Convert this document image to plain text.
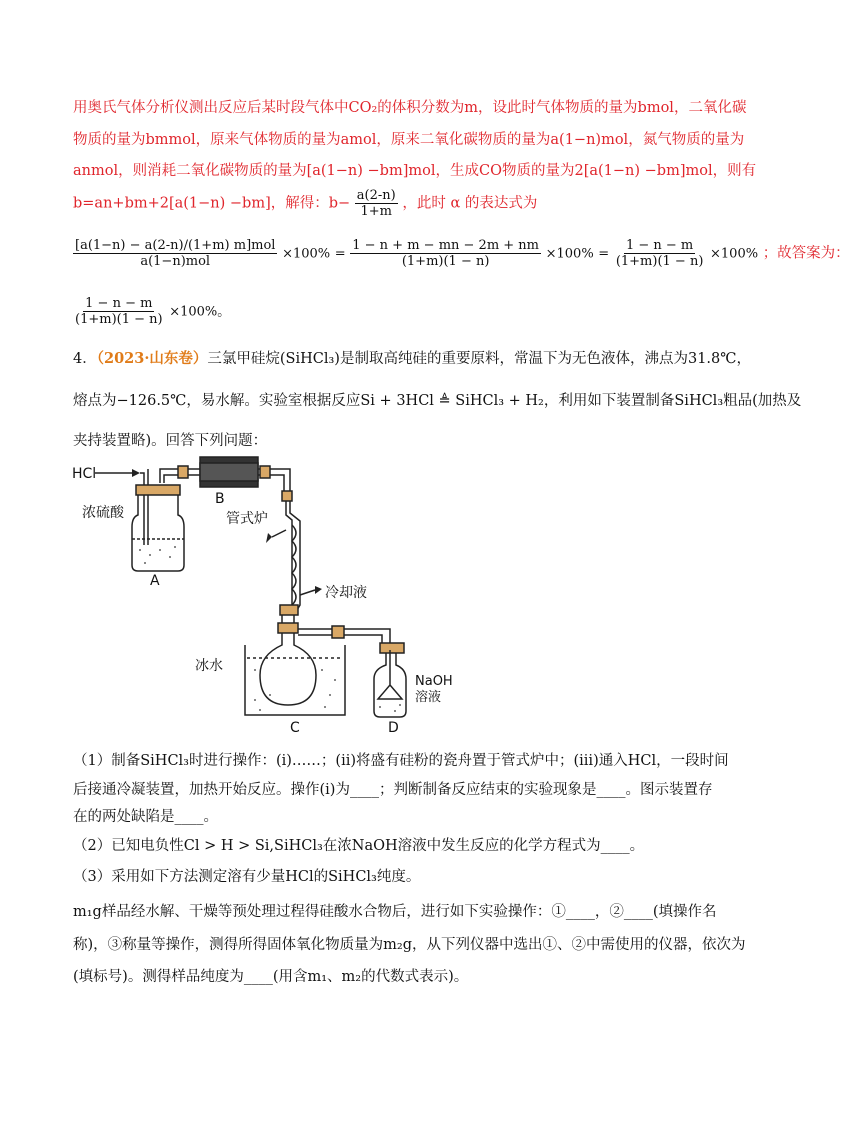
用奥氏气体分析仪测出反应后某时段气体中CO₂的体积分数为m，设此时气体物质的量为bmol，二氧化碳
物质的量为bmmol，原来气体物质的量为amol，原来二氧化碳物质的量为a(1−n)mol，氮气物质的量为
anmol，则消耗二氧化碳物质的量为[a(1−n) −bm]mol，生成CO物质的量为2[a(1−n) −bm]mol，则有
b=an+bm+2[a(1−n) −bm]，解得：$b- \frac{a(2-n)}{1+m}$ ，此时 α 的表达式为
$\frac{\text{[a(1−n) − a(2-n)/(1+m) m]mol}}{\text{a(1−n)mol}} \times 100\% = \frac{1 - n + m - mn - 2m + nm}{(1+m)(1 - n)} \times 100\% = \frac{1 - n - m}{(1+m)(1 - n)} \times 100\%$ ；故答案为：
$\frac{1 - n - m}{(1+m)(1 - n)} \times 100\%$。
4．（2023·山东卷）三氯甲硅烷(SiHCl₃)是制取高纯硅的重要原料，常温下为无色液体，沸点为31.8℃，
熔点为−126.5℃，易水解。实验室根据反应Si + 3HCl ≜ SiHCl₃ + H₂，利用如下装置制备SiHCl₃粗品(加热及
夹持装置略)。回答下列问题：
HCl
浓硫酸
A
B
管式炉
冷却液
冰水
C
NaOH
溶液
D
（1）制备SiHCl₃时进行操作：(ⅰ)……；(ⅱ)将盛有硅粉的瓷舟置于管式炉中；(ⅲ)通入HCl，一段时间
后接通冷凝装置，加热开始反应。操作(ⅰ)为____；判断制备反应结束的实验现象是____。图示装置存
在的两处缺陷是____。
（2）已知电负性Cl > H > Si,SiHCl₃在浓NaOH溶液中发生反应的化学方程式为____。
（3）采用如下方法测定溶有少量HCl的SiHCl₃纯度。
m₁g样品经水解、干燥等预处理过程得硅酸水合物后，进行如下实验操作：①____，②____(填操作名
称)，③称量等操作，测得所得固体氧化物质量为m₂g，从下列仪器中选出①、②中需使用的仪器，依次为
(填标号)。测得样品纯度为____(用含m₁、m₂的代数式表示)。
